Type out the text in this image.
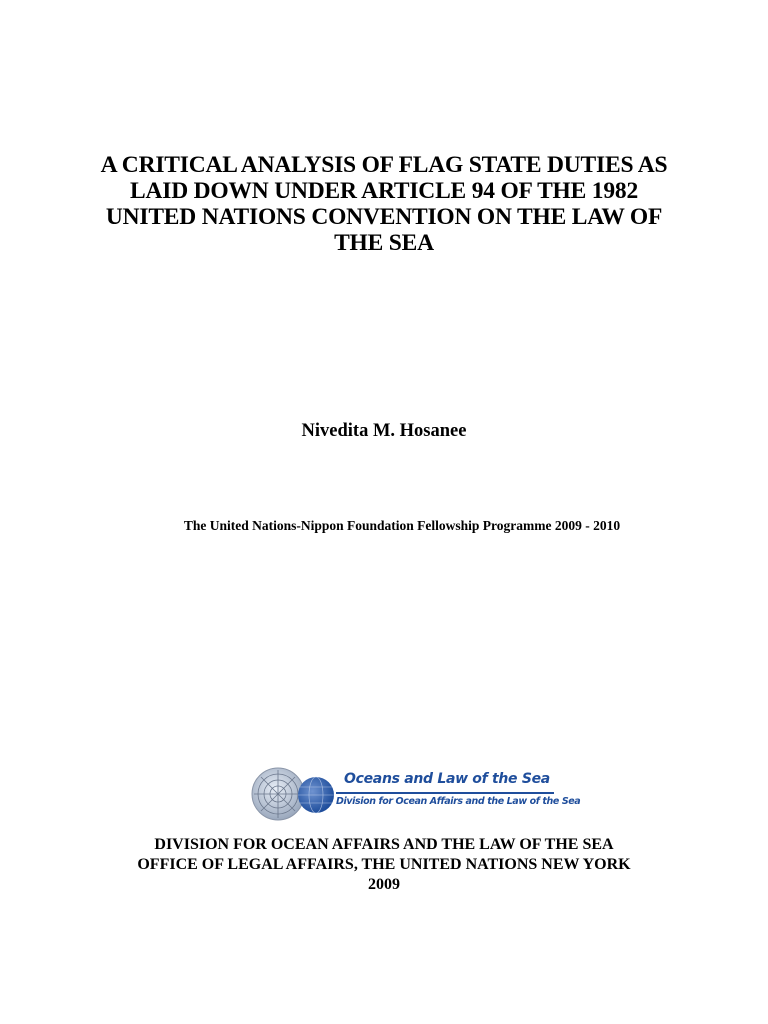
A CRITICAL ANALYSIS OF FLAG STATE DUTIES AS
LAID DOWN UNDER ARTICLE 94 OF THE 1982
UNITED NATIONS CONVENTION ON THE LAW OF
THE SEA
Nivedita M. Hosanee
The United Nations-Nippon Foundation Fellowship Programme 2009 - 2010
Oceans and Law of the Sea
Division for Ocean Affairs and the Law of the Sea
DIVISION FOR OCEAN AFFAIRS AND THE LAW OF THE SEA
OFFICE OF LEGAL AFFAIRS, THE UNITED NATIONS NEW YORK
2009
